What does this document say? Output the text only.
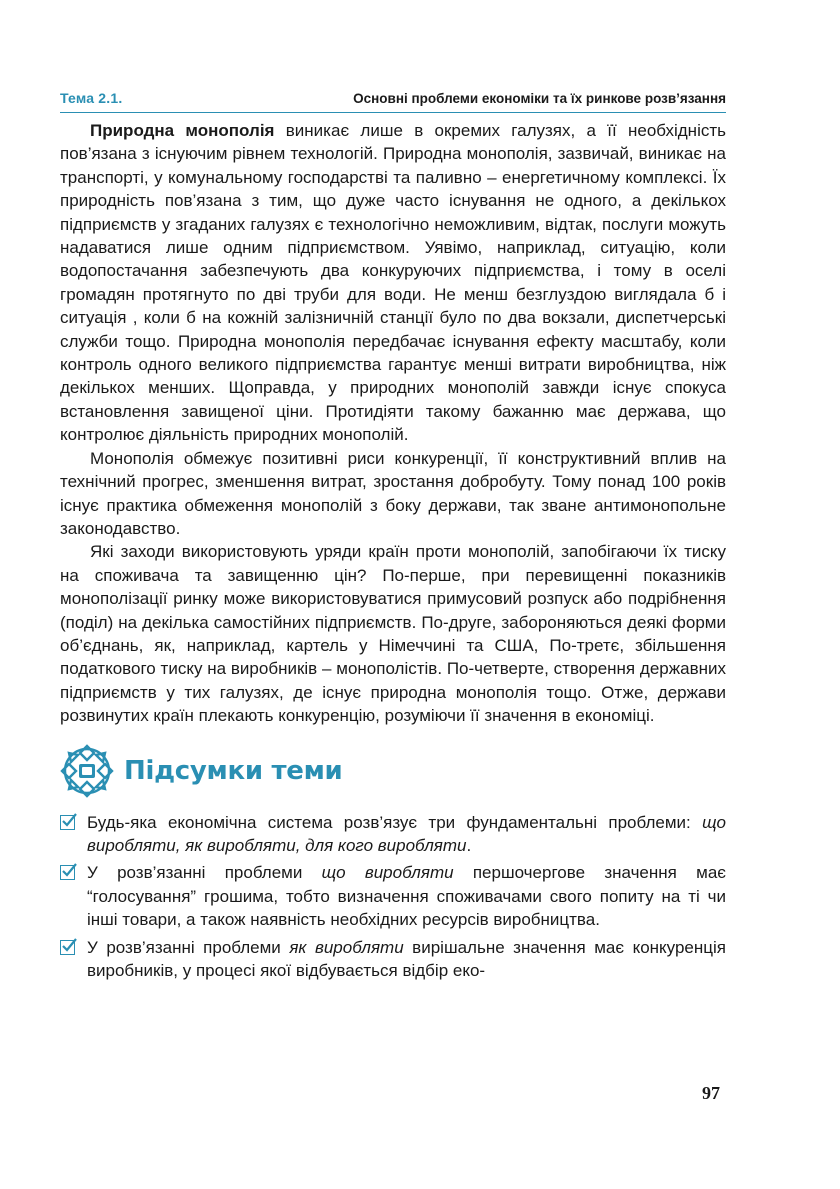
Тема 2.1.	Основні проблеми економіки та їх ринкове розв’язання

Природна монополія виникає лише в окремих галузях, а її необхідність пов’язана з існуючим рівнем технологій. Природна монополія, зазвичай, виникає на транспорті, у комунальному господарстві та паливно – енергетичному комплексі. Їх природність пов’язана з тим, що дуже часто існування не одного, а декількох підприємств у згаданих галузях є технологічно неможливим, відтак, послуги можуть надаватися лише одним підприємством. Уявімо, наприклад, ситуацію, коли водопостачання забезпечують два конкуруючих підприємства, і тому в оселі громадян протягнуто по дві труби для води. Не менш безглуздою виглядала б і ситуація , коли б на кожній залізничній станції було по два вокзали, диспетчерські служби тощо. Природна монополія передбачає існування ефекту масштабу, коли контроль одного великого підприємства гарантує менші витрати виробництва, ніж декількох менших. Щоправда, у природних монополій завжди існує спокуса встановлення завищеної ціни. Протидіяти такому бажанню має держава, що контролює діяльність природних монополій.

Монополія обмежує позитивні риси конкуренції, її конструктивний вплив на технічний прогрес, зменшення витрат, зростання добробуту. Тому понад 100 років існує практика обмеження монополій з боку держави, так зване антимонопольне законодавство.

Які заходи використовують уряди країн проти монополій, запобігаючи їх тиску на споживача та завищенню цін? По-перше, при перевищенні показників монополізації ринку може використовуватися примусовий розпуск або подрібнення (поділ) на декілька самостійних підприємств. По-друге, забороняються деякі форми об’єднань, як, наприклад, картель у Німеччині та США, По-третє, збільшення податкового тиску на виробників – монополістів. По-четверте, створення державних підприємств у тих галузях, де існує природна монополія тощо. Отже, держави розвинутих країн плекають конкуренцію, розуміючи її значення в економіці.

Підсумки теми
Будь-яка економічна система розв’язує три фундаментальні проблеми: що виробляти, як виробляти, для кого виробляти.
У розв’язанні проблеми що виробляти першочергове значення має “голосування” грошима, тобто визначення споживачами свого попиту на ті чи інші товари, а також наявність необхідних ресурсів виробництва.
У розв’язанні проблеми як виробляти вирішальне значення має конкуренція виробників, у процесі якої відбувається відбір еко-
97
